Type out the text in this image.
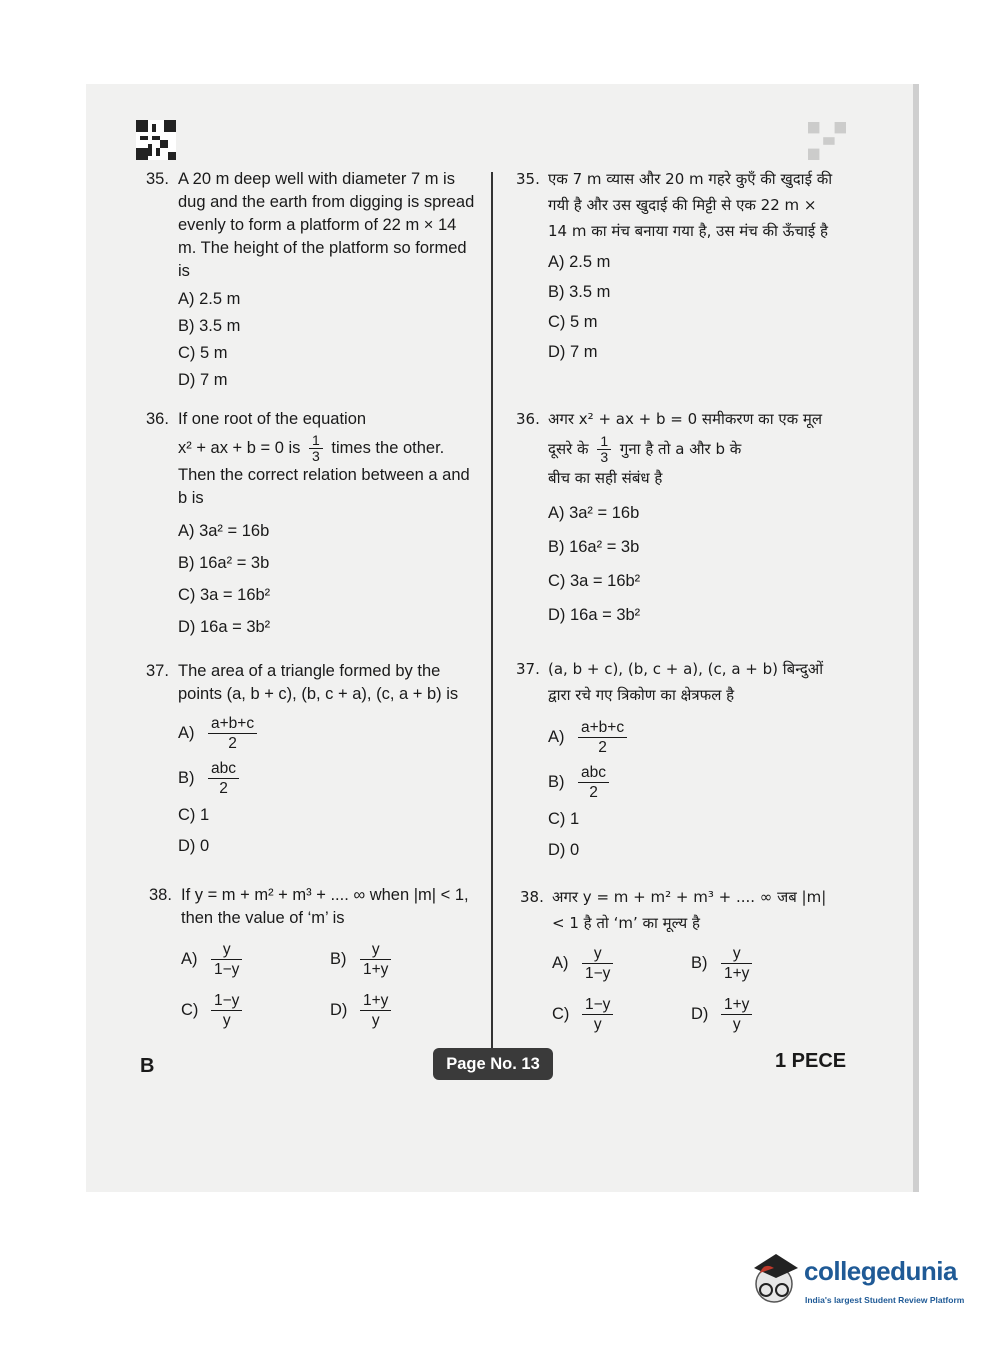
35. A 20 m deep well with diameter 7 m is dug and the earth from digging is spread evenly to form a platform of 22 m × 14 m. The height of the platform so formed is
A) 2.5 m
B) 3.5 m
C) 5 m
D) 7 m
35. एक 7 m व्यास और 20 m गहरे कुएँ की खुदाई की गयी है और उस खुदाई की मिट्टी से एक 22 m × 14 m का मंच बनाया गया है, उस मंच की ऊँचाई है
A) 2.5 m
B) 3.5 m
C) 5 m
D) 7 m
36. If one root of the equation
x² + ax + b = 0 is $\frac{1}{3}$ times the other.
Then the correct relation between a and b is
A) 3a² = 16b
B) 16a² = 3b
C) 3a = 16b²
D) 16a = 3b²
36. अगर x² + ax + b = 0 समीकरण का एक मूल
दूसरे के $\frac{1}{3}$ गुना है तो a और b के
बीच का सही संबंध है
A) 3a² = 16b
B) 16a² = 3b
C) 3a = 16b²
D) 16a = 3b²
37. The area of a triangle formed by the points (a, b + c), (b, c + a), (c, a + b) is
$A) \frac{a+b+c}{2}$
$B) \frac{\text{abc}}{2}$
C) 1
D) 0
37. (a, b + c), (b, c + a), (c, a + b) बिन्दुओं द्वारा रचे गए त्रिकोण का क्षेत्रफल है
$A) \frac{a+b+c}{2}$
$B) \frac{\text{abc}}{2}$
C) 1
D) 0
38. If y = m + m² + m³ + .... ∞ when |m| < 1, then the value of ‘m’ is
$A) \frac{y}{1-y}$	$B) \frac{y}{1+y}$
$C) \frac{1-y}{y}$	$D) \frac{1+y}{y}$
38. अगर y = m + m² + m³ + .... ∞ जब |m| < 1 है तो ‘m’ का मूल्य है
$A) \frac{y}{1-y}$	$B) \frac{y}{1+y}$
$C) \frac{1-y}{y}$	$D) \frac{1+y}{y}$
B	Page No. 13	1 PECE
collegedunia
India's largest Student Review Platform
